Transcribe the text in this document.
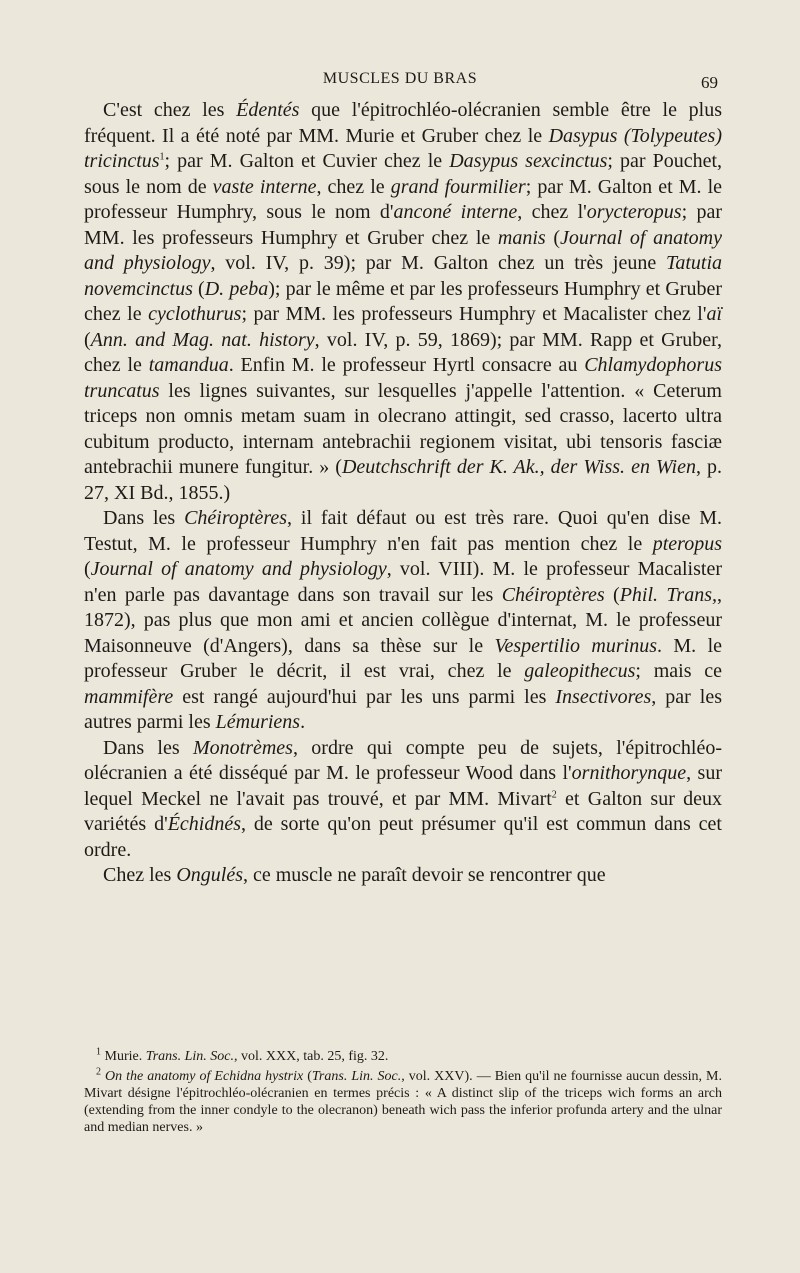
MUSCLES DU BRAS	69

C'est chez les Édentés que l'épitrochléo-olécranien semble être le plus fréquent. Il a été noté par MM. Murie et Gruber chez le Dasypus (Tolypeutes) tricinctus$^1$; par M. Galton et Cuvier chez le Dasypus sexcinctus; par Pouchet, sous le nom de vaste interne, chez le grand fourmilier; par M. Galton et M. le professeur Humphry, sous le nom d'anconé interne, chez l'orycteropus; par MM. les professeurs Humphry et Gruber chez le manis (Journal of anatomy and physiology, vol. IV, p. 39); par M. Galton chez un très jeune Tatutia novemcinctus (D. peba); par le même et par les professeurs Humphry et Gruber chez le cyclothurus; par MM. les professeurs Humphry et Macalister chez l'aï (Ann. and Mag. nat. history, vol. IV, p. 59, 1869); par MM. Rapp et Gruber, chez le tamandua. Enfin M. le professeur Hyrtl consacre au Chlamydophorus truncatus les lignes suivantes, sur lesquelles j'appelle l'attention. « Ceterum triceps non omnis metam suam in olecrano attingit, sed crasso, lacerto ultra cubitum producto, internam antebrachii regionem visitat, ubi tensoris fasciæ antebrachii munere fungitur. » (Deutchschrift der K. Ak., der Wiss. en Wien, p. 27, XI Bd., 1855.)

Dans les Chéiroptères, il fait défaut ou est très rare. Quoi qu'en dise M. Testut, M. le professeur Humphry n'en fait pas mention chez le pteropus (Journal of anatomy and physiology, vol. VIII). M. le professeur Macalister n'en parle pas davantage dans son travail sur les Chéiroptères (Phil. Trans,, 1872), pas plus que mon ami et ancien collègue d'internat, M. le professeur Maisonneuve (d'Angers), dans sa thèse sur le Vespertilio murinus. M. le professeur Gruber le décrit, il est vrai, chez le galeopithecus; mais ce mammifère est rangé aujourd'hui par les uns parmi les Insectivores, par les autres parmi les Lémuriens.

Dans les Monotrèmes, ordre qui compte peu de sujets, l'épitrochléo-olécranien a été disséqué par M. le professeur Wood dans l'ornithorynque, sur lequel Meckel ne l'avait pas trouvé, et par MM. Mivart$^2$ et Galton sur deux variétés d'Échidnés, de sorte qu'on peut présumer qu'il est commun dans cet ordre.

Chez les Ongulés, ce muscle ne paraît devoir se rencontrer que

$^1$ Murie. Trans. Lin. Soc., vol. XXX, tab. 25, fig. 32.

$^2$ On the anatomy of Echidna hystrix (Trans. Lin. Soc., vol. XXV). — Bien qu'il ne fournisse aucun dessin, M. Mivart désigne l'épitrochléo-olécranien en termes précis : « A distinct slip of the triceps wich forms an arch (extending from the inner condyle to the olecranon) beneath wich pass the inferior profunda artery and the ulnar and median nerves. »
